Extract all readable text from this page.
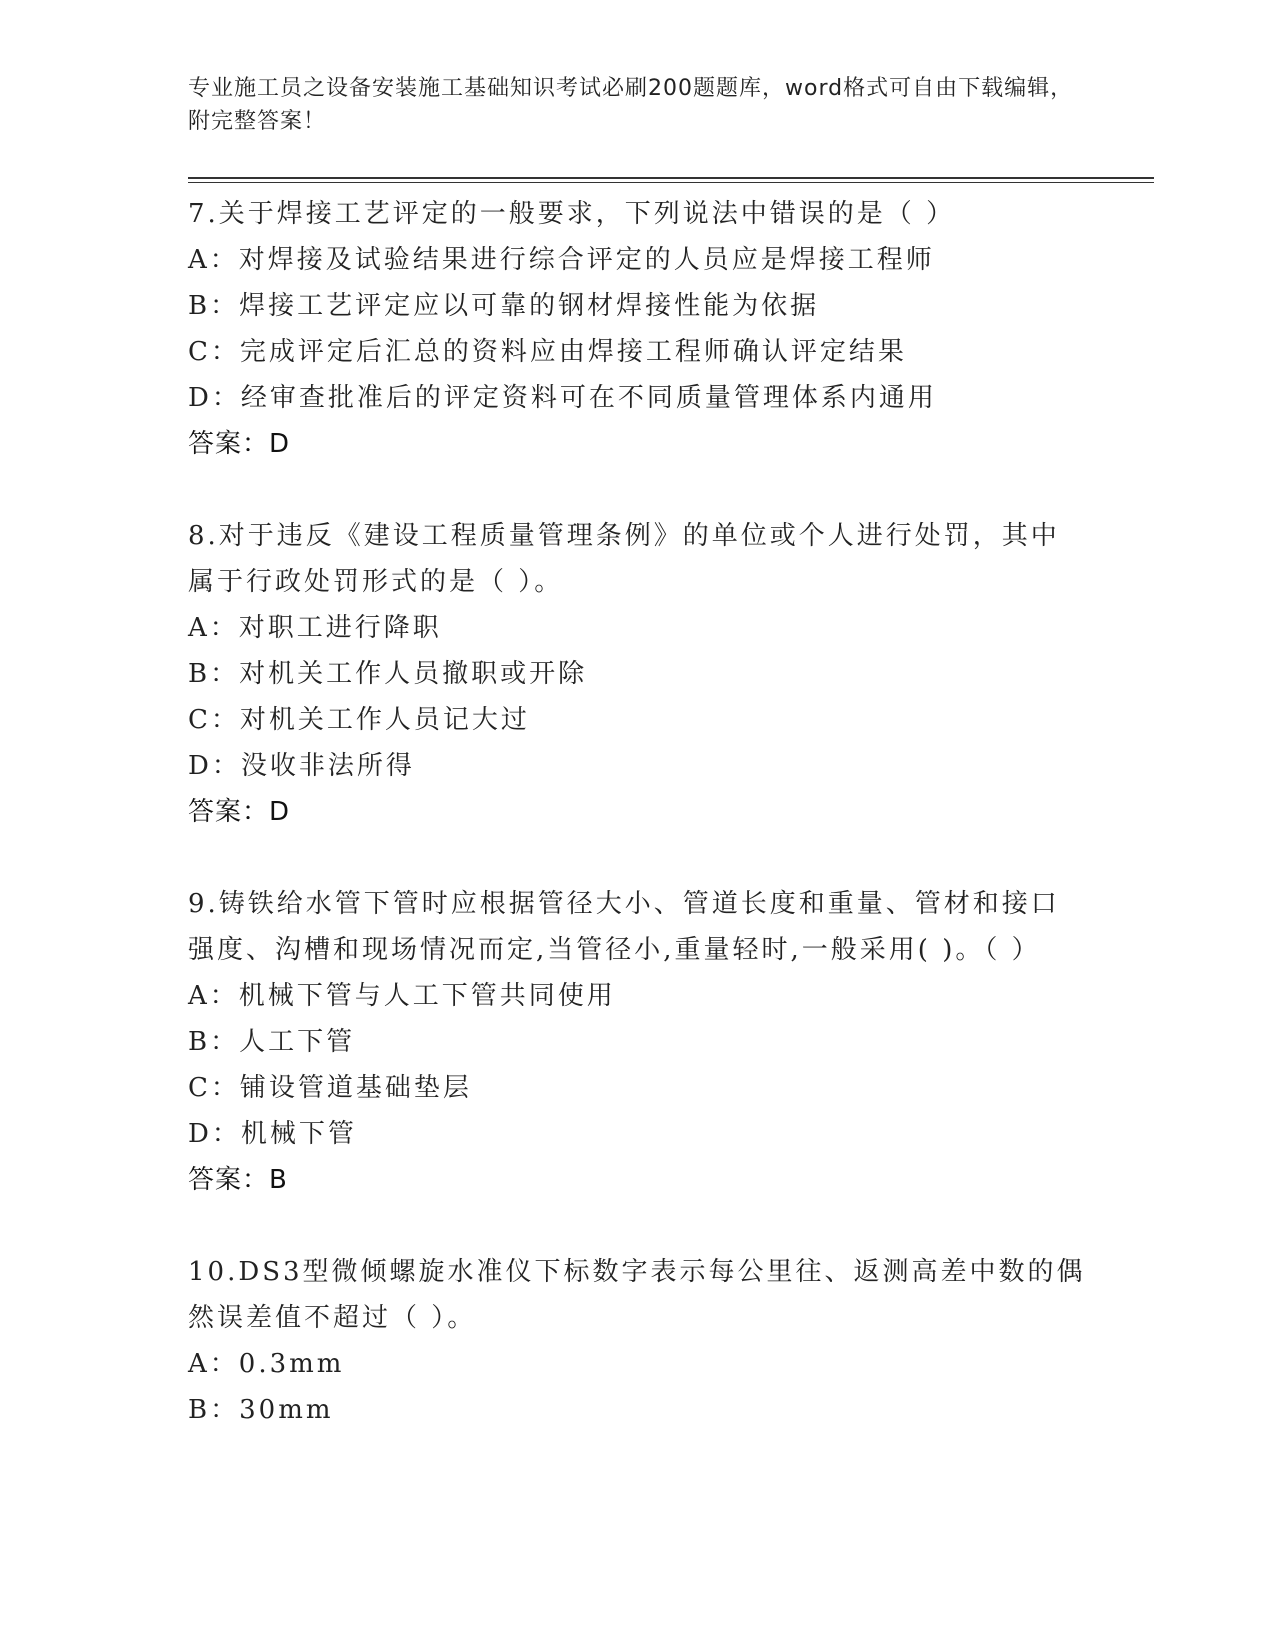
专业施工员之设备安装施工基础知识考试必刷200题题库，word格式可自由下载编辑，附完整答案！
7.关于焊接工艺评定的一般要求，下列说法中错误的是（ ）
A：对焊接及试验结果进行综合评定的人员应是焊接工程师
B：焊接工艺评定应以可靠的钢材焊接性能为依据
C：完成评定后汇总的资料应由焊接工程师确认评定结果
D：经审查批准后的评定资料可在不同质量管理体系内通用
答案：D
8.对于违反《建设工程质量管理条例》的单位或个人进行处罚，其中属于行政处罚形式的是（ ）。
A：对职工进行降职
B：对机关工作人员撤职或开除
C：对机关工作人员记大过
D：没收非法所得
答案：D
9.铸铁给水管下管时应根据管径大小、管道长度和重量、管材和接口强度、沟槽和现场情况而定,当管径小,重量轻时,一般采用( )。（ ）
A：机械下管与人工下管共同使用
B：人工下管
C：铺设管道基础垫层
D：机械下管
答案：B
10.DS3型微倾螺旋水准仪下标数字表示每公里往、返测高差中数的偶然误差值不超过（ ）。
A：0.3mm
B：30mm
